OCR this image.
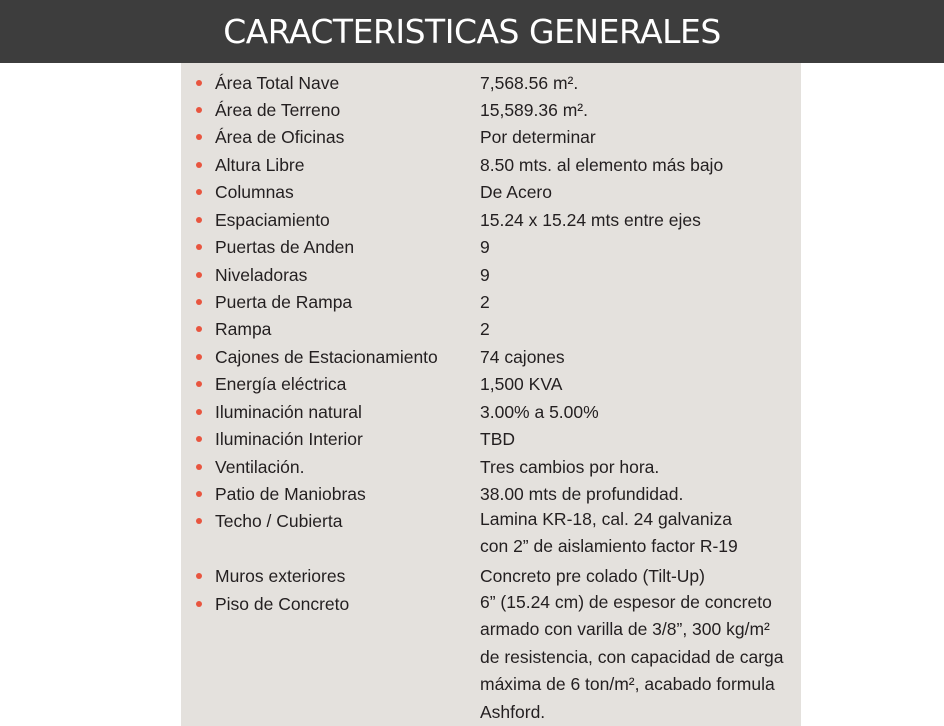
CARACTERISTICAS GENERALES
Área Total Nave	7,568.56 m².
Área de Terreno	15,589.36 m².
Área de Oficinas	Por determinar
Altura Libre	8.50 mts. al elemento más bajo
Columnas	De Acero
Espaciamiento	15.24 x 15.24 mts entre ejes
Puertas de Anden	9
Niveladoras	9
Puerta de Rampa	2
Rampa	2
Cajones de Estacionamiento 74 cajones
Energía eléctrica	1,500 KVA
Iluminación natural	3.00% a 5.00%
Iluminación Interior	TBD
Ventilación.	Tres cambios por hora.
Patio de Maniobras	38.00 mts de profundidad.
Techo / Cubierta	Lamina KR-18, cal. 24 galvaniza
con 2” de aislamiento factor R-19
Muros exteriores	Concreto pre colado (Tilt-Up)
Piso de Concreto	6” (15.24 cm) de espesor de concreto
armado con varilla de 3/8”, 300 kg/m²
de resistencia, con capacidad de carga
máxima de 6 ton/m², acabado formula
Ashford.
